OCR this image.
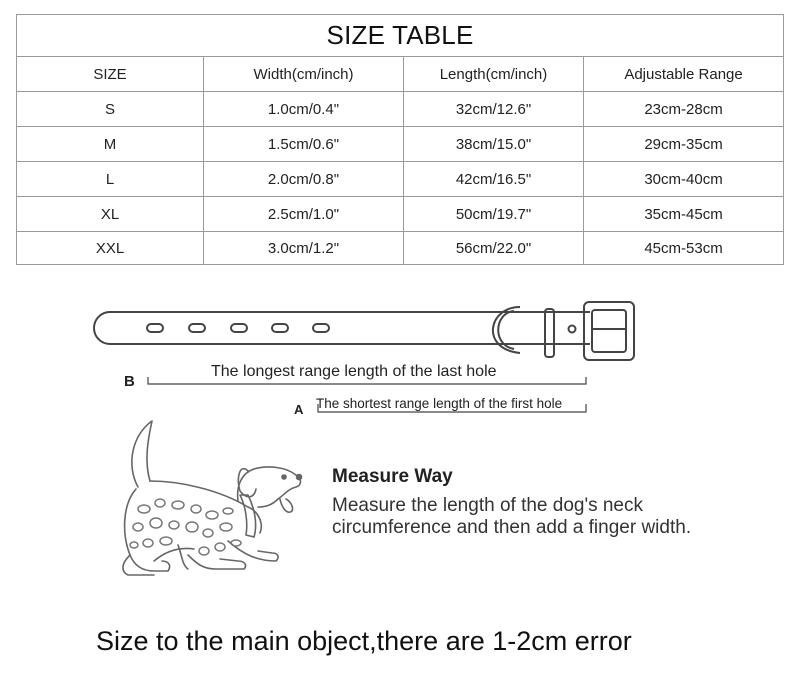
SIZE TABLE			
SIZE	Width(cm/inch)	Length(cm/inch)	Adjustable Range
S	1.0cm/0.4"	32cm/12.6"	23cm-28cm
M	1.5cm/0.6"	38cm/15.0"	29cm-35cm
L	2.0cm/0.8"	42cm/16.5"	30cm-40cm
XL	2.5cm/1.0"	50cm/19.7"	35cm-45cm
XXL	3.0cm/1.2"	56cm/22.0"	45cm-53cm
B
The longest range length of the last hole
A The shortest range length of the first hole
Measure Way
Measure the length of the dog's neck circumference and then add a finger width.
Size to the main object,there are 1-2cm error
